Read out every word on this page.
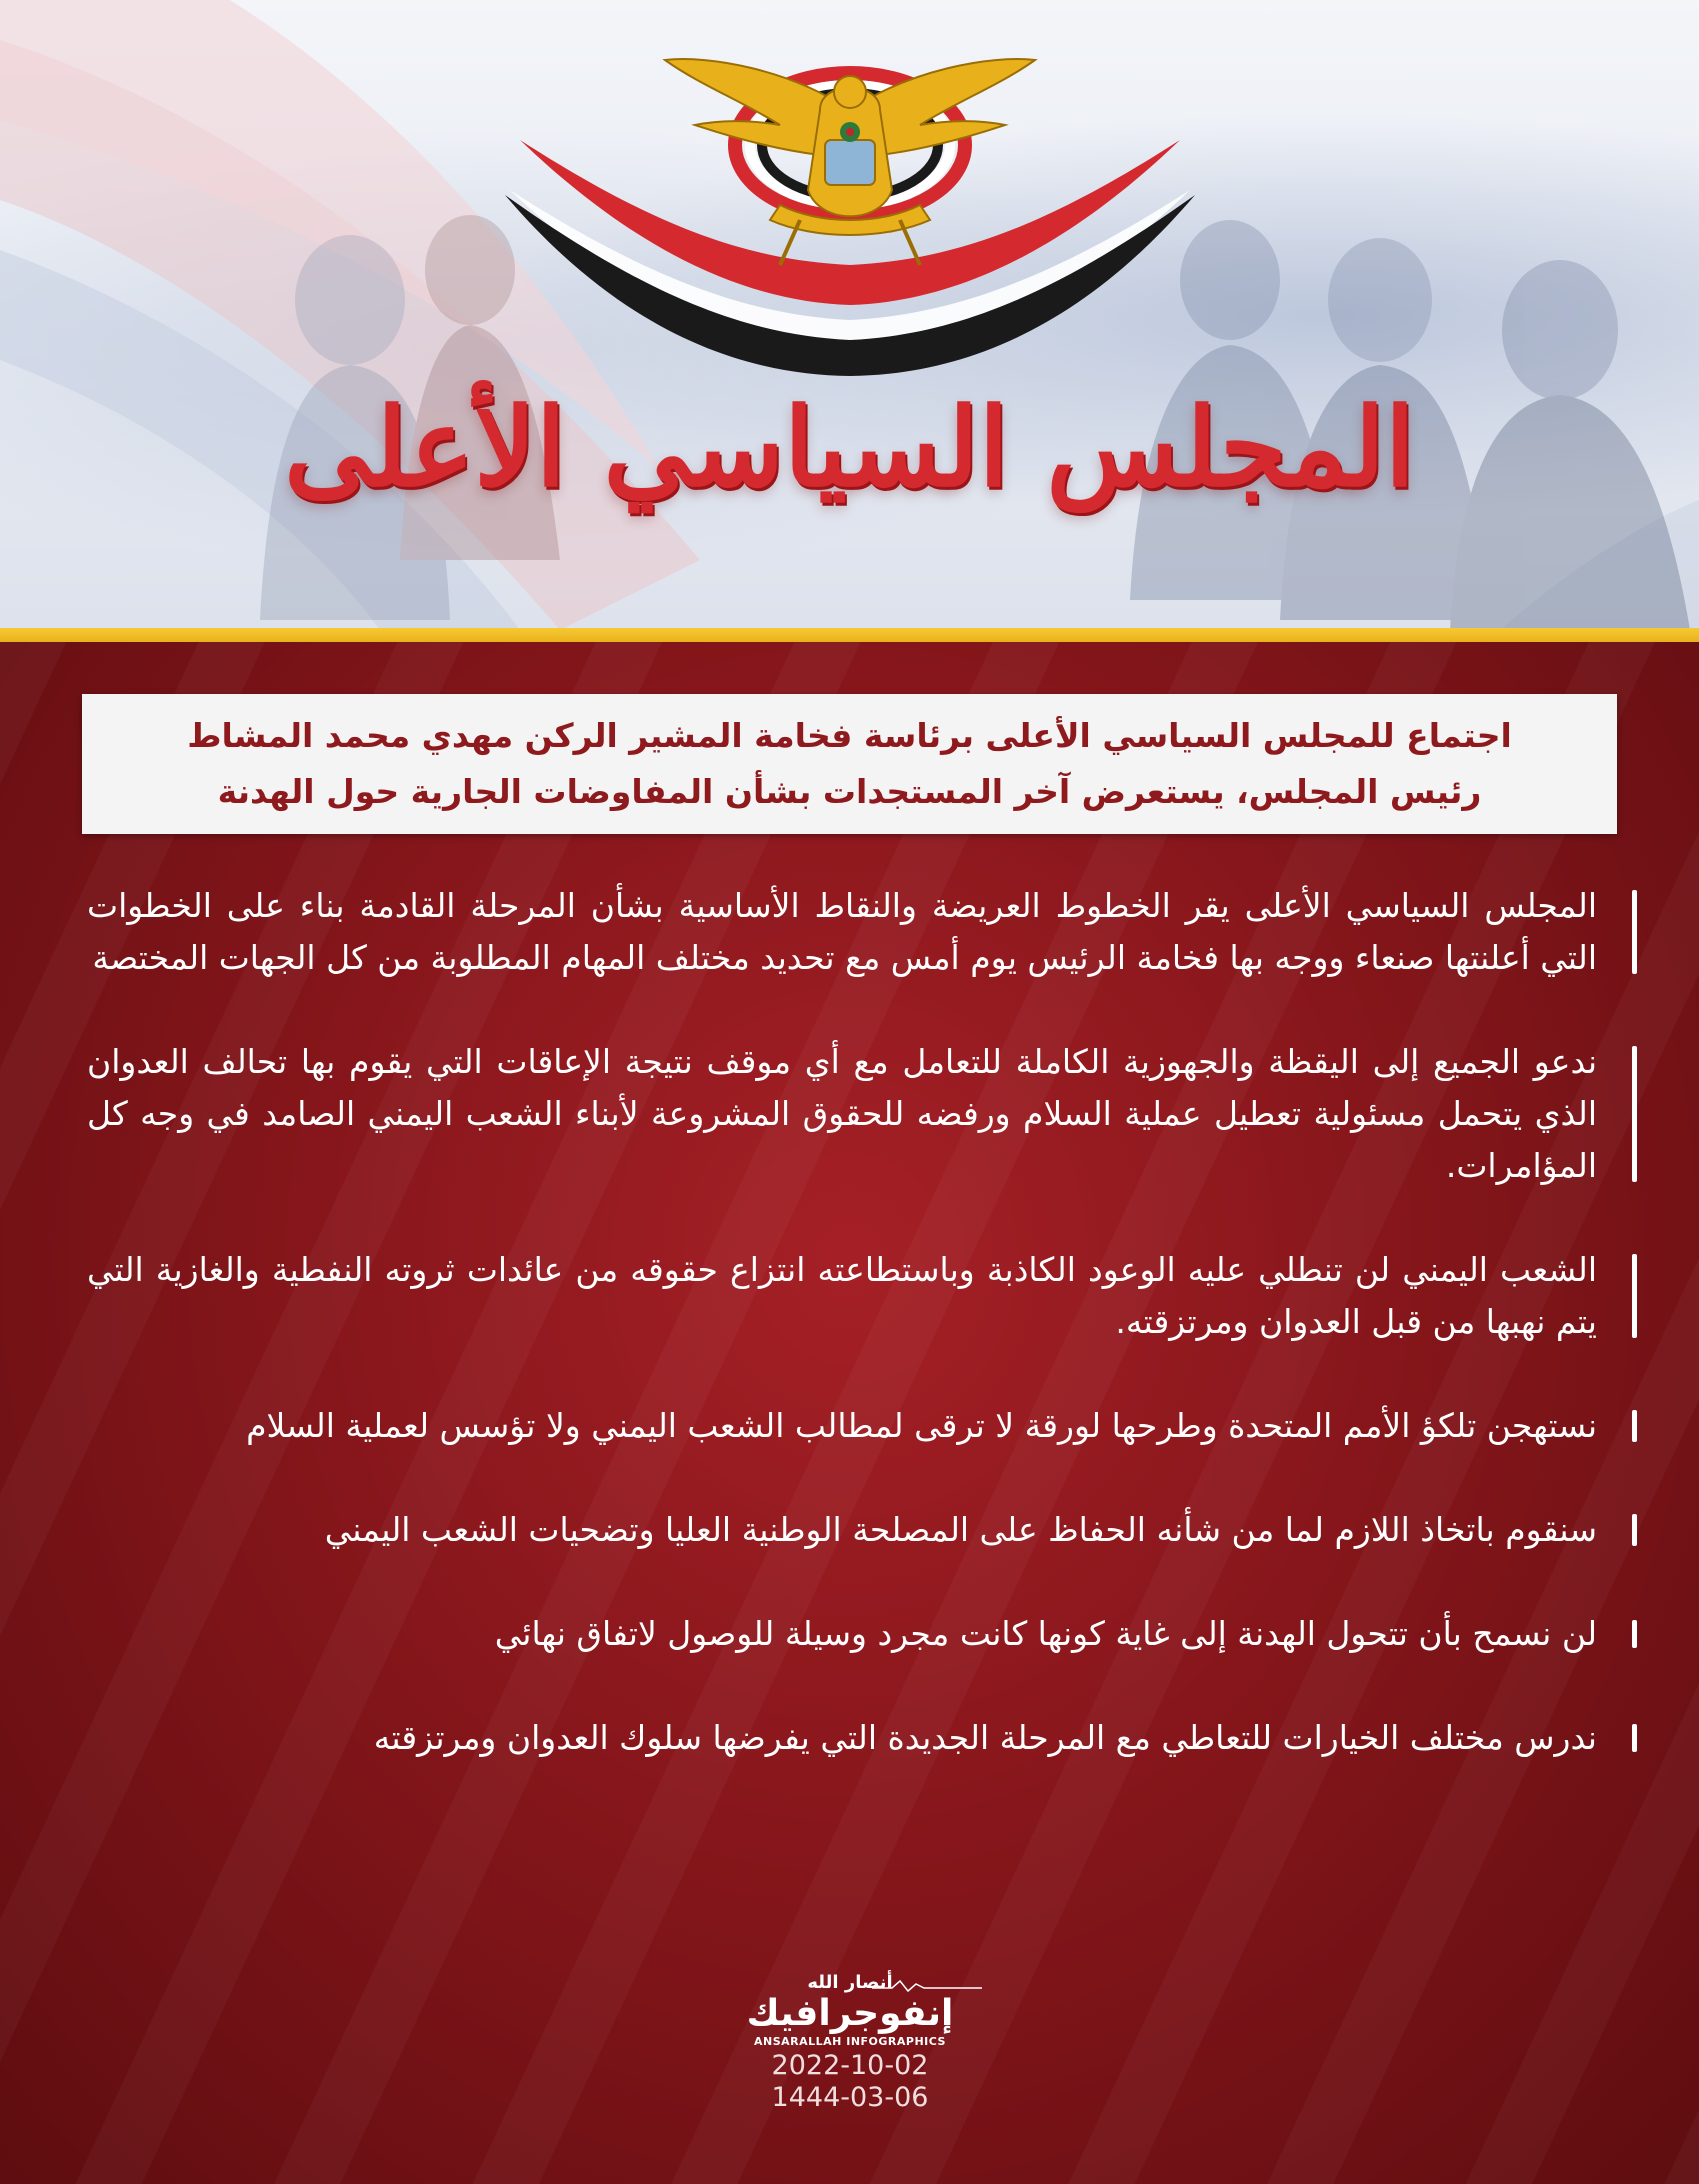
المجلس السياسي الأعلى
اجتماع للمجلس السياسي الأعلى برئاسة فخامة المشير الركن مهدي محمد المشاط
رئيس المجلس، يستعرض آخر المستجدات بشأن المفاوضات الجارية حول الهدنة
المجلس السياسي الأعلى يقر الخطوط العريضة والنقاط الأساسية بشأن المرحلة القادمة بناء على الخطوات التي أعلنتها صنعاء ووجه بها فخامة الرئيس يوم أمس مع تحديد مختلف المهام المطلوبة من كل الجهات المختصة
ندعو الجميع إلى اليقظة والجهوزية الكاملة للتعامل مع أي موقف نتيجة الإعاقات التي يقوم بها تحالف العدوان الذي يتحمل مسئولية تعطيل عملية السلام ورفضه للحقوق المشروعة لأبناء الشعب اليمني الصامد في وجه كل المؤامرات.
الشعب اليمني لن تنطلي عليه الوعود الكاذبة وباستطاعته انتزاع حقوقه من عائدات ثروته النفطية والغازية التي يتم نهبها من قبل العدوان ومرتزقته.
نستهجن تلكؤ الأمم المتحدة وطرحها لورقة لا ترقى لمطالب الشعب اليمني ولا تؤسس لعملية السلام
سنقوم باتخاذ اللازم لما من شأنه الحفاظ على المصلحة الوطنية العليا وتضحيات الشعب اليمني
لن نسمح بأن تتحول الهدنة إلى غاية كونها كانت مجرد وسيلة للوصول لاتفاق نهائي
ندرس مختلف الخيارات للتعاطي مع المرحلة الجديدة التي يفرضها سلوك العدوان ومرتزقته
أنصار الله
إنفوجرافيك
ANSARALLAH INFOGRAPHICS
2022-10-02
1444-03-06
